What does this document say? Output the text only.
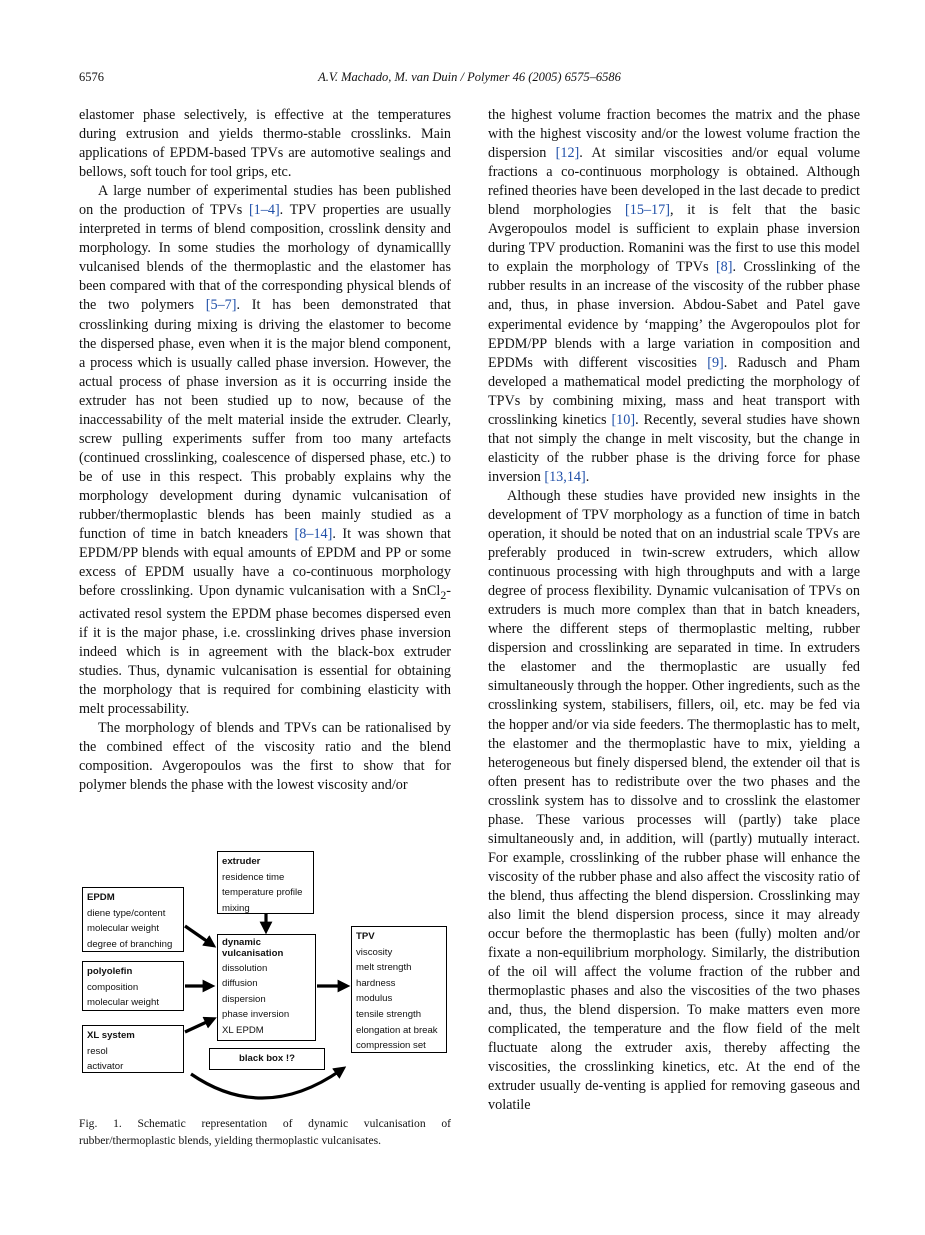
6576	A.V. Machado, M. van Duin / Polymer 46 (2005) 6575–6586

elastomer phase selectively, is effective at the temperatures during extrusion and yields thermo-stable crosslinks. Main applications of EPDM-based TPVs are automotive sealings and bellows, soft touch for tool grips, etc.

A large number of experimental studies has been published on the production of TPVs [1–4]. TPV properties are usually interpreted in terms of blend composition, crosslink density and morphology. In some studies the morhology of dynamicallly vulcanised blends of the thermoplastic and the elastomer has been compared with that of the corresponding physical blends of the two polymers [5–7]. It has been demonstrated that crosslinking during mixing is driving the elastomer to become the dispersed phase, even when it is the major blend component, a process which is usually called phase inversion. However, the actual process of phase inversion as it is occurring inside the extruder has not been studied up to now, because of the inaccessability of the melt material inside the extruder. Clearly, screw pulling experiments suffer from too many artefacts (continued crosslinking, coalescence of dispersed phase, etc.) to be of use in this respect. This probably explains why the morphology development during dynamic vulcanisation of rubber/thermoplastic blends has been mainly studied as a function of time in batch kneaders [8–14]. It was shown that EPDM/PP blends with equal amounts of EPDM and PP or some excess of EPDM usually have a co-continuous morphology before crosslinking. Upon dynamic vulcanisation with a SnCl$_2$-activated resol system the EPDM phase becomes dispersed even if it is the major phase, i.e. crosslinking drives phase inversion indeed which is in agreement with the black-box extruder studies. Thus, dynamic vulcanisation is essential for obtaining the morphology that is required for combining elasticity with melt processability.

The morphology of blends and TPVs can be rationalised by the combined effect of the viscosity ratio and the blend composition. Avgeropoulos was the first to show that for polymer blends the phase with the lowest viscosity and/or

the highest volume fraction becomes the matrix and the phase with the highest viscosity and/or the lowest volume fraction the dispersion [12]. At similar viscosities and/or equal volume fractions a co-continuous morphology is obtained. Although refined theories have been developed in the last decade to predict blend morphologies [15–17], it is felt that the basic Avgeropoulos model is sufficient to explain phase inversion during TPV production. Romanini was the first to use this model to explain the morphology of TPVs [8]. Crosslinking of the rubber results in an increase of the viscosity of the rubber phase and, thus, in phase inversion. Abdou-Sabet and Patel gave experimental evidence by ‘mapping’ the Avgeropoulos plot for EPDM/PP blends with a large variation in composition and EPDMs with different viscosities [9]. Radusch and Pham developed a mathematical model predicting the morphology of TPVs by combining mixing, mass and heat transport with crosslinking kinetics [10]. Recently, several studies have shown that not simply the change in melt viscosity, but the change in elasticity of the rubber phase is the driving force for phase inversion [13,14].

Although these studies have provided new insights in the development of TPV morphology as a function of time in batch operation, it should be noted that on an industrial scale TPVs are preferably produced in twin-screw extruders, which allow continuous processing with high throughputs and with a large degree of process flexibility. Dynamic vulcanisation of TPVs on extruders is much more complex than that in batch kneaders, where the different steps of thermoplastic melting, rubber dispersion and crosslinking are separated in time. In extruders the elastomer and the thermoplastic are usually fed simultaneously through the hopper. Other ingredients, such as the crosslinking system, stabilisers, fillers, oil, etc. may be fed via the hopper and/or via side feeders. The thermoplastic has to melt, the elastomer and the thermoplastic have to mix, yielding a heterogeneous but finely dispersed blend, the extender oil that is often present has to redistribute over the two phases and the crosslink system has to dissolve and to crosslink the elastomer phase. These various processes will (partly) take place simultaneously and, in addition, will (partly) mutually interact. For example, crosslinking of the rubber phase will enhance the viscosity of the rubber phase and also affect the viscosity ratio of the blend, thus affecting the blend dispersion. Crosslinking may also limit the blend dispersion process, since it may already occur before the thermoplastic has been (fully) molten and/or fixate a non-equilibrium morphology. Similarly, the distribution of the oil will affect the volume fraction of the rubber and thermoplastic phases and also the viscosities of the two phases and, thus, the blend dispersion. To make matters even more complicated, the temperature and the flow field of the melt fluctuate along the extruder axis, thereby affecting the viscosities, the crosslinking kinetics, etc. At the end of the extruder usually de-venting is applied for removing gaseous and volatile

extruder
residence time
temperature profile
mixing
EPDM
diene type/content
molecular weight
degree of branching
polyolefin
composition
molecular weight
XL system
resol
activator
dynamic
vulcanisation
dissolution
diffusion
dispersion
phase inversion
XL EPDM
TPV
viscosity
melt strength
hardness
modulus
tensile strength
elongation at break
compression set
black box !?
Fig. 1. Schematic representation of dynamic vulcanisation of rubber/thermoplastic blends, yielding thermoplastic vulcanisates.
